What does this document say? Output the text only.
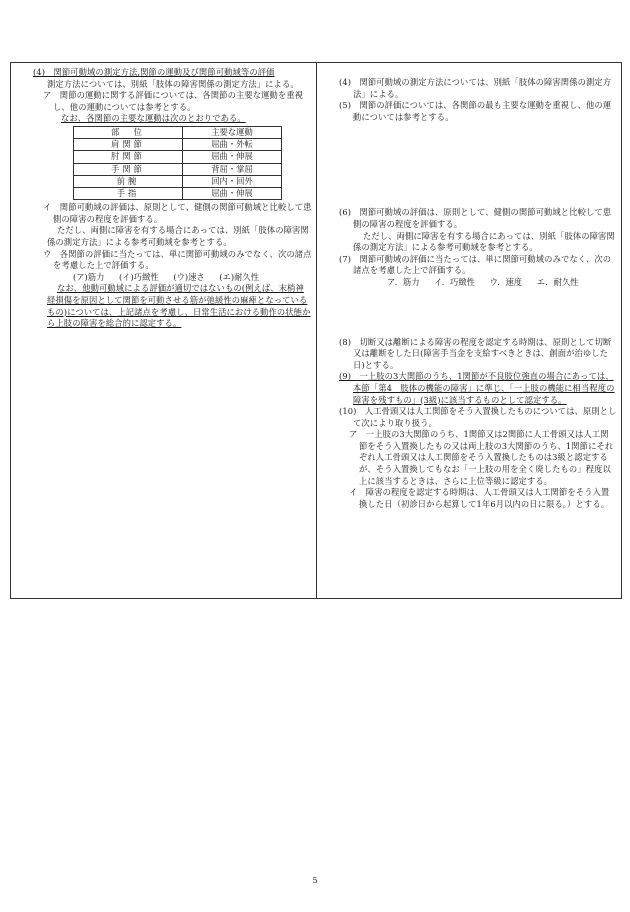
(4)　関節可動域の測定方法,関節の運動及び関節可動域等の評価

測定方法については、別紙「肢体の障害関係の測定方法」による。

ア　関節の運動に関する評価については、各関節の主要な運動を重視し、他の運動については参考とする。

なお、各関節の主要な運動は次のとおりである。

部　位	主要な運動
肩関節	屈曲・外転
肘関節	屈曲・伸展
手関節	背屈・掌屈
前腕	回内・回外
手指	屈曲・伸展

イ　関節可動域の評価は、原則として、健側の関節可動域と比較して患側の障害の程度を評価する。

ただし、両側に障害を有する場合にあっては、別紙「肢体の障害関係の測定方法」による参考可動域を参考とする。

ウ　各関節の評価に当たっては、単に関節可動域のみでなく、次の諸点を考慮した上で評価する。

(ア)筋力 (イ)巧緻性 (ウ)速さ (エ)耐久性

なお、他動可動域による評価が適切ではないもの(例えば、末梢神経損傷を原因として関節を可動させる筋が弛緩性の麻痺となっているもの)については、上記諸点を考慮し、日常生活における動作の状態から上肢の障害を総合的に認定する。

(4)　関節可動域の測定方法については、別紙「肢体の障害関係の測定方法」による。

(5)　関節の評価については、各関節の最も主要な運動を重視し、他の運動については参考とする。

(6)　関節可動域の評価は、原則として、健側の関節可動域と比較して患側の障害の程度を評価する。

ただし、両側に障害を有する場合にあっては、別紙「肢体の障害関係の測定方法」による参考可動域を参考とする。

(7)　関節可動域の評価に当たっては、単に関節可動域のみでなく、次の諸点を考慮した上で評価する。

ア．筋力 イ．巧緻性 ウ．速度 エ．耐久性

(8)　切断又は離断による障害の程度を認定する時期は、原則として切断又は離断をした日(障害手当金を支給すべきときは、創面が治ゆした日)とする。

(9)　一上肢の3大関節のうち、1関節が不良肢位強直の場合にあっては、本節「第4　肢体の機能の障害」に準じ、「一上肢の機能に相当程度の障害を残すもの」(3級)に該当するものとして認定する。

(10)　人工骨頭又は人工関節をそう入置換したものについては、原則として次により取り扱う。

ア　一上肢の3大関節のうち、1関節又は2関節に人工骨頭又は人工関節をそう入置換したもの又は両上肢の3大関節のうち、1関節にそれぞれ人工骨頭又は人工関節をそう入置換したものは3級と認定するが、そう入置換してもなお「一上肢の用を全く廃したもの」程度以上に該当するときは、さらに上位等級に認定する。

イ　障害の程度を認定する時期は、人工骨頭又は人工関節をそう入置換した日（初診日から起算して1年6月以内の日に限る。）とする。

5
